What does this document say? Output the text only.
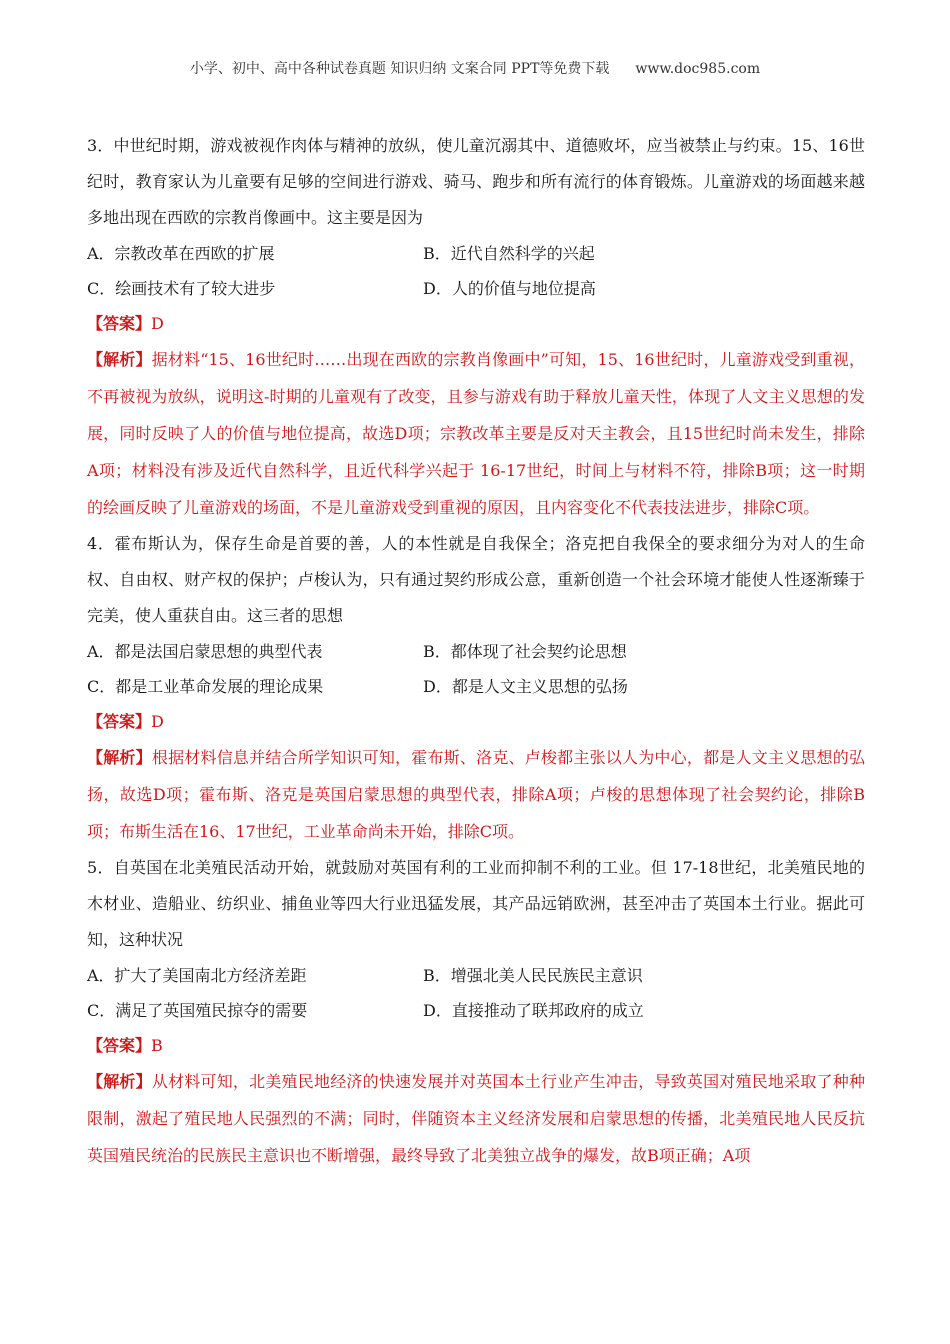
小学、初中、高中各种试卷真题 知识归纳 文案合同 PPT等免费下载 www.doc985.com

3．中世纪时期，游戏被视作肉体与精神的放纵，使儿童沉溺其中、道德败坏，应当被禁止与约束。15、16世纪时，教育家认为儿童要有足够的空间进行游戏、骑马、跑步和所有流行的体育锻炼。儿童游戏的场面越来越多地出现在西欧的宗教肖像画中。这主要是因为

A．宗教改革在西欧的扩展	B．近代自然科学的兴起
C．绘画技术有了较大进步	D．人的价值与地位提高
【答案】D

【解析】据材料“15、16世纪时……出现在西欧的宗教肖像画中”可知，15、16世纪时，儿童游戏受到重视，不再被视为放纵，说明这-时期的儿童观有了改变，且参与游戏有助于释放儿童天性，体现了人文主义思想的发展，同时反映了人的价值与地位提高，故选D项；宗教改革主要是反对天主教会，且15世纪时尚未发生，排除A项；材料没有涉及近代自然科学，且近代科学兴起于 16-17世纪，时间上与材料不符，排除B项；这一时期的绘画反映了儿童游戏的场面，不是儿童游戏受到重视的原因，且内容变化不代表技法进步，排除C项。

4．霍布斯认为，保存生命是首要的善，人的本性就是自我保全；洛克把自我保全的要求细分为对人的生命权、自由权、财产权的保护；卢梭认为，只有通过契约形成公意，重新创造一个社会环境才能使人性逐渐臻于完美，使人重获自由。这三者的思想

A．都是法国启蒙思想的典型代表	B．都体现了社会契约论思想
C．都是工业革命发展的理论成果	D．都是人文主义思想的弘扬
【答案】D

【解析】根据材料信息并结合所学知识可知，霍布斯、洛克、卢梭都主张以人为中心，都是人文主义思想的弘扬，故选D项；霍布斯、洛克是英国启蒙思想的典型代表，排除A项；卢梭的思想体现了社会契约论，排除B项；布斯生活在16、17世纪，工业革命尚未开始，排除C项。

5．自英国在北美殖民活动开始，就鼓励对英国有利的工业而抑制不利的工业。但 17-18世纪，北美殖民地的木材业、造船业、纺织业、捕鱼业等四大行业迅猛发展，其产品远销欧洲，甚至冲击了英国本土行业。据此可知，这种状况

A．扩大了美国南北方经济差距	B．增强北美人民民族民主意识
C．满足了英国殖民掠夺的需要	D．直接推动了联邦政府的成立
【答案】B

【解析】从材料可知，北美殖民地经济的快速发展并对英国本土行业产生冲击，导致英国对殖民地采取了种种限制，激起了殖民地人民强烈的不满；同时，伴随资本主义经济发展和启蒙思想的传播，北美殖民地人民反抗英国殖民统治的民族民主意识也不断增强，最终导致了北美独立战争的爆发，故B项正确；A项
